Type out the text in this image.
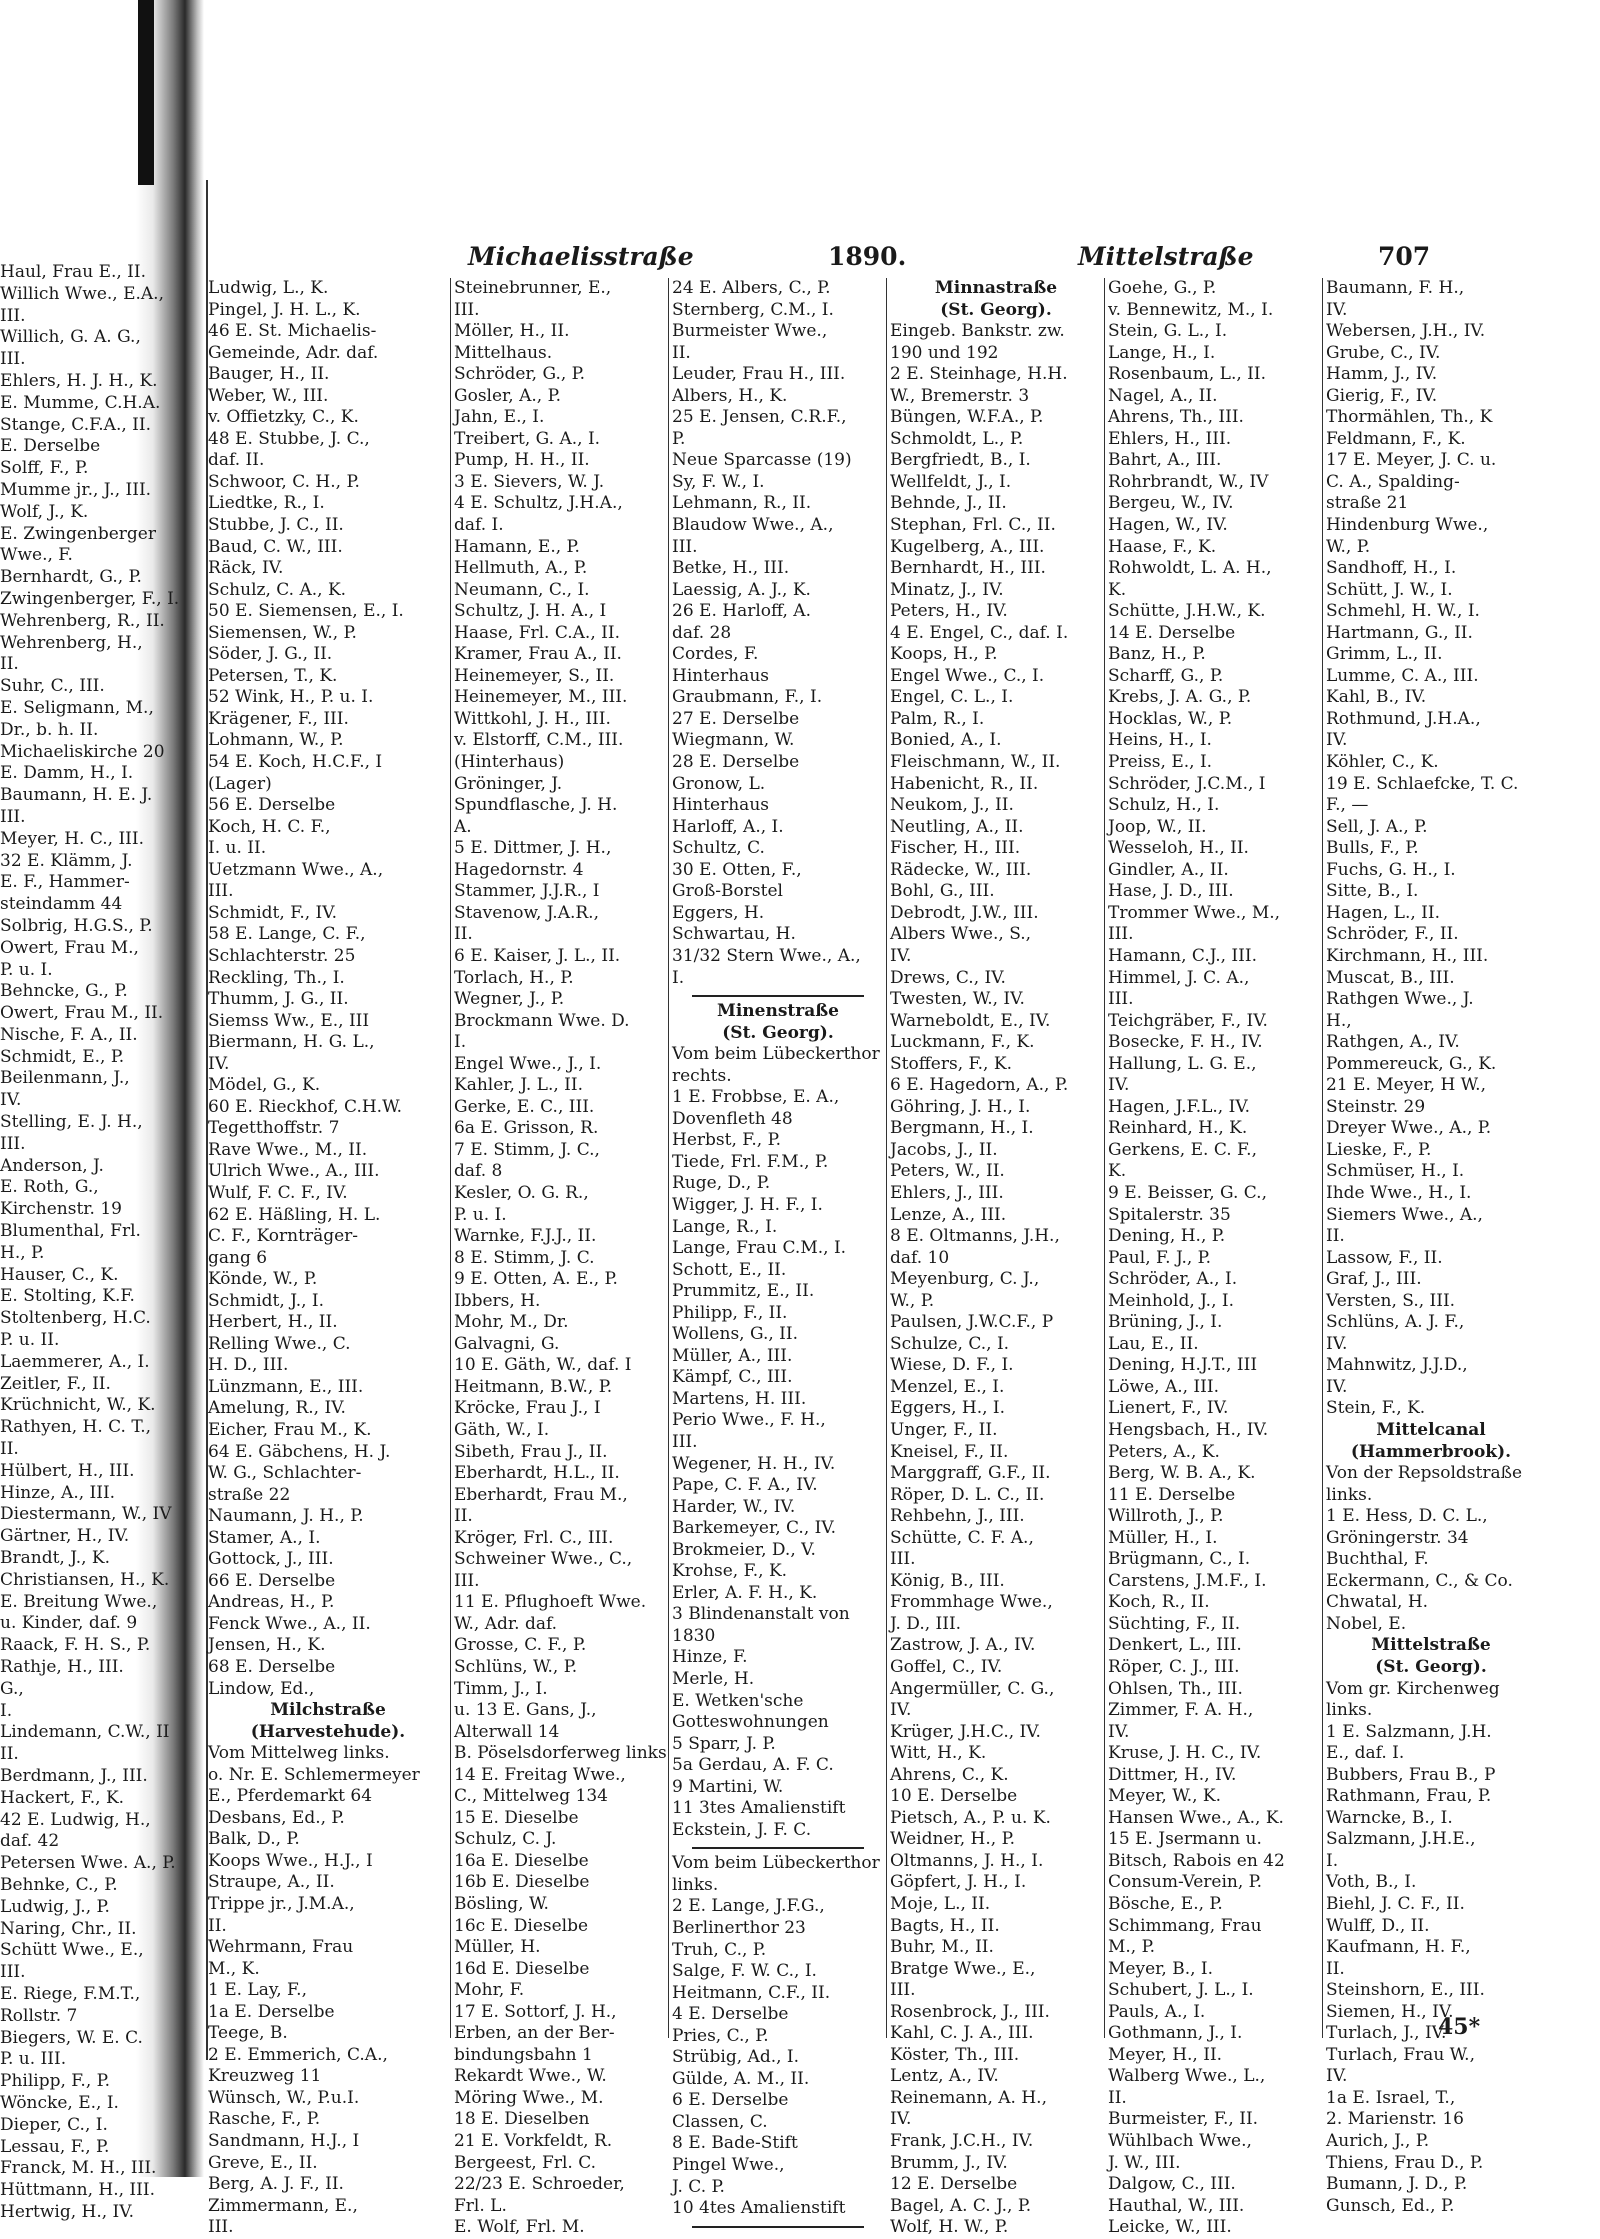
Haul, Frau E., II.
Willich Wwe., E.A.,
III.
Willich, G. A. G.,
III.
Ehlers, H. J. H., K.
E. Mumme, C.H.A.
Stange, C.F.A., II.
E. Derselbe
Solff, F., P.
Mumme jr., J., III.
Wolf, J., K.
E. Zwingenberger
Wwe., F.
Bernhardt, G., P.
Zwingenberger, F., I.
Wehrenberg, R., II.
Wehrenberg, H.,
II.
Suhr, C., III.
E. Seligmann, M.,
Dr., b. h. II.
Michaeliskirche 20
E. Damm, H., I.
Baumann, H. E. J.
III.
Meyer, H. C., III.
32 E. Klämm, J.
E. F., Hammer-
steindamm 44
Solbrig, H.G.S., P.
Owert, Frau M.,
P. u. I.
Behncke, G., P.
Owert, Frau M., II.
Nische, F. A., II.
Schmidt, E., P.
Beilenmann, J.,
IV.
Stelling, E. J. H.,
III.
Anderson, J.
E. Roth, G.,
Kirchenstr. 19
Blumenthal, Frl.
H., P.
Hauser, C., K.
E. Stolting, K.F.
Stoltenberg, H.C.
P. u. II.
Laemmerer, A., I.
Zeitler, F., II.
Krüchnicht, W., K.
Rathyen, H. C. T.,
II.
Hülbert, H., III.
Hinze, A., III.
Diestermann, W., IV
Gärtner, H., IV.
Brandt, J., K.
Christiansen, H., K.
E. Breitung Wwe.,
u. Kinder, daf. 9
Raack, F. H. S., P.
Rathje, H., III.
G.,
I.
Lindemann, C.W., II
II.
Berdmann, J., III.
Hackert, F., K.
42 E. Ludwig, H.,
daf. 42
Petersen Wwe. A., P.
Behnke, C., P.
Ludwig, J., P.
Naring, Chr., II.
Schütt Wwe., E.,
III.
E. Riege, F.M.T.,
Rollstr. 7
Biegers, W. E. C.
P. u. III.
Philipp, F., P.
Wöncke, E., I.
Dieper, C., I.
Lessau, F., P.
Franck, M. H., III.
Hüttmann, H., III.
Hertwig, H., IV.
Michaelisstraße	1890.	Mittelstraße	707
Ludwig, L., K.
Pingel, J. H. L., K.
46 E. St. Michaelis-
Gemeinde, Adr. daf.
Bauger, H., II.
Weber, W., III.
v. Offietzky, C., K.
48 E. Stubbe, J. C.,
daf. II.
Schwoor, C. H., P.
Liedtke, R., I.
Stubbe, J. C., II.
Baud, C. W., III.
Räck, IV.
Schulz, C. A., K.
50 E. Siemensen, E., I.
Siemensen, W., P.
Söder, J. G., II.
Petersen, T., K.
52 Wink, H., P. u. I.
Krägener, F., III.
Lohmann, W., P.
54 E. Koch, H.C.F., I
(Lager)
56 E. Derselbe
Koch, H. C. F.,
I. u. II.
Uetzmann Wwe., A.,
III.
Schmidt, F., IV.
58 E. Lange, C. F.,
Schlachterstr. 25
Reckling, Th., I.
Thumm, J. G., II.
Siemss Ww., E., III
Biermann, H. G. L.,
IV.
Mödel, G., K.
60 E. Rieckhof, C.H.W.
Tegetthoffstr. 7
Rave Wwe., M., II.
Ulrich Wwe., A., III.
Wulf, F. C. F., IV.
62 E. Häßling, H. L.
C. F., Kornträger-
gang 6
Könde, W., P.
Schmidt, J., I.
Herbert, H., II.
Relling Wwe., C.
H. D., III.
Lünzmann, E., III.
Amelung, R., IV.
Eicher, Frau M., K.
64 E. Gäbchens, H. J.
W. G., Schlachter-
straße 22
Naumann, J. H., P.
Stamer, A., I.
Gottock, J., III.
66 E. Derselbe
Andreas, H., P.
Fenck Wwe., A., II.
Jensen, H., K.
68 E. Derselbe
Lindow, Ed.,
Milchstraße
(Harvestehude).
Vom Mittelweg links.
o. Nr. E. Schlemermeyer
E., Pferdemarkt 64
Desbans, Ed., P.
Balk, D., P.
Koops Wwe., H.J., I
Straupe, A., II.
Trippe jr., J.M.A.,
II.
Wehrmann, Frau
M., K.
1 E. Lay, F.,
1a E. Derselbe
Teege, B.
2 E. Emmerich, C.A.,
Kreuzweg 11
Wünsch, W., P.u.I.
Rasche, F., P.
Sandmann, H.J., I
Greve, E., II.
Berg, A. J. F., II.
Zimmermann, E.,
III.
Steinebrunner, E.,
III.
Möller, H., II.
Mittelhaus.
Schröder, G., P.
Gosler, A., P.
Jahn, E., I.
Treibert, G. A., I.
Pump, H. H., II.
3 E. Sievers, W. J.
4 E. Schultz, J.H.A.,
daf. I.
Hamann, E., P.
Hellmuth, A., P.
Neumann, C., I.
Schultz, J. H. A., I
Haase, Frl. C.A., II.
Kramer, Frau A., II.
Heinemeyer, S., II.
Heinemeyer, M., III.
Wittkohl, J. H., III.
v. Elstorff, C.M., III.
(Hinterhaus)
Gröninger, J.
Spundflasche, J. H.
A.
5 E. Dittmer, J. H.,
Hagedornstr. 4
Stammer, J.J.R., I
Stavenow, J.A.R.,
II.
6 E. Kaiser, J. L., II.
Torlach, H., P.
Wegner, J., P.
Brockmann Wwe. D.
I.
Engel Wwe., J., I.
Kahler, J. L., II.
Gerke, E. C., III.
6a E. Grisson, R.
7 E. Stimm, J. C.,
daf. 8
Kesler, O. G. R.,
P. u. I.
Warnke, F.J.J., II.
8 E. Stimm, J. C.
9 E. Otten, A. E., P.
Ibbers, H.
Mohr, M., Dr.
Galvagni, G.
10 E. Gäth, W., daf. I
Heitmann, B.W., P.
Kröcke, Frau J., I
Gäth, W., I.
Sibeth, Frau J., II.
Eberhardt, H.L., II.
Eberhardt, Frau M.,
II.
Kröger, Frl. C., III.
Schweiner Wwe., C.,
III.
11 E. Pflughoeft Wwe.
W., Adr. daf.
Grosse, C. F., P.
Schlüns, W., P.
Timm, J., I.
u. 13 E. Gans, J.,
Alterwall 14
B. Pöselsdorferweg links
14 E. Freitag Wwe.,
C., Mittelweg 134
15 E. Dieselbe
Schulz, C. J.
16a E. Dieselbe
16b E. Dieselbe
Bösling, W.
16c E. Dieselbe
Müller, H.
16d E. Dieselbe
Mohr, F.
17 E. Sottorf, J. H.,
Erben, an der Ber-
bindungsbahn 1
Rekardt Wwe., W.
Möring Wwe., M.
18 E. Dieselben
21 E. Vorkfeldt, R.
Bergeest, Frl. C.
22/23 E. Schroeder,
Frl. L.
E. Wolf, Frl. M.
24 E. Albers, C., P.
Sternberg, C.M., I.
Burmeister Wwe.,
II.
Leuder, Frau H., III.
Albers, H., K.
25 E. Jensen, C.R.F.,
P.
Neue Sparcasse (19)
Sy, F. W., I.
Lehmann, R., II.
Blaudow Wwe., A.,
III.
Betke, H., III.
Laessig, A. J., K.
26 E. Harloff, A.
daf. 28
Cordes, F.
Hinterhaus
Graubmann, F., I.
27 E. Derselbe
Wiegmann, W.
28 E. Derselbe
Gronow, L.
Hinterhaus
Harloff, A., I.
Schultz, C.
30 E. Otten, F.,
Groß-Borstel
Eggers, H.
Schwartau, H.
31/32 Stern Wwe., A.,
I.
Minenstraße
(St. Georg).
Vom beim Lübeckerthor
rechts.
1 E. Frobbse, E. A.,
Dovenfleth 48
Herbst, F., P.
Tiede, Frl. F.M., P.
Ruge, D., P.
Wigger, J. H. F., I.
Lange, R., I.
Lange, Frau C.M., I.
Schott, E., II.
Prummitz, E., II.
Philipp, F., II.
Wollens, G., II.
Müller, A., III.
Kämpf, C., III.
Martens, H. III.
Perio Wwe., F. H.,
III.
Wegener, H. H., IV.
Pape, C. F. A., IV.
Harder, W., IV.
Barkemeyer, C., IV.
Brokmeier, D., V.
Krohse, F., K.
Erler, A. F. H., K.
3 Blindenanstalt von
1830
Hinze, F.
Merle, H.
E. Wetken'sche
Gotteswohnungen
5 Sparr, J. P.
5a Gerdau, A. F. C.
9 Martini, W.
11 3tes Amalienstift
Eckstein, J. F. C.
Vom beim Lübeckerthor
links.
2 E. Lange, J.F.G.,
Berlinerthor 23
Truh, C., P.
Salge, F. W. C., I.
Heitmann, C.F., II.
4 E. Derselbe
Pries, C., P.
Strübig, Ad., I.
Gülde, A. M., II.
6 E. Derselbe
Classen, C.
8 E. Bade-Stift
Pingel Wwe.,
J. C. P.
10 4tes Amalienstift
Minnastraße
(St. Georg).
Eingeb. Bankstr. zw.
190 und 192
2 E. Steinhage, H.H.
W., Bremerstr. 3
Büngen, W.F.A., P.
Schmoldt, L., P.
Bergfriedt, B., I.
Wellfeldt, J., I.
Behnde, J., II.
Stephan, Frl. C., II.
Kugelberg, A., III.
Bernhardt, H., III.
Minatz, J., IV.
Peters, H., IV.
4 E. Engel, C., daf. I.
Koops, H., P.
Engel Wwe., C., I.
Engel, C. L., I.
Palm, R., I.
Bonied, A., I.
Fleischmann, W., II.
Habenicht, R., II.
Neukom, J., II.
Neutling, A., II.
Fischer, H., III.
Rädecke, W., III.
Bohl, G., III.
Debrodt, J.W., III.
Albers Wwe., S.,
IV.
Drews, C., IV.
Twesten, W., IV.
Warneboldt, E., IV.
Luckmann, F., K.
Stoffers, F., K.
6 E. Hagedorn, A., P.
Göhring, J. H., I.
Bergmann, H., I.
Jacobs, J., II.
Peters, W., II.
Ehlers, J., III.
Lenze, A., III.
8 E. Oltmanns, J.H.,
daf. 10
Meyenburg, C. J.,
W., P.
Paulsen, J.W.C.F., P
Schulze, C., I.
Wiese, D. F., I.
Menzel, E., I.
Eggers, H., I.
Unger, F., II.
Kneisel, F., II.
Marggraff, G.F., II.
Röper, D. L. C., II.
Rehbehn, J., III.
Schütte, C. F. A.,
III.
König, B., III.
Frommhage Wwe.,
J. D., III.
Zastrow, J. A., IV.
Goffel, C., IV.
Angermüller, C. G.,
IV.
Krüger, J.H.C., IV.
Witt, H., K.
Ahrens, C., K.
10 E. Derselbe
Pietsch, A., P. u. K.
Weidner, H., P.
Oltmanns, J. H., I.
Göpfert, J. H., I.
Moje, L., II.
Bagts, H., II.
Buhr, M., II.
Bratge Wwe., E.,
III.
Rosenbrock, J., III.
Kahl, C. J. A., III.
Köster, Th., III.
Lentz, A., IV.
Reinemann, A. H.,
IV.
Frank, J.C.H., IV.
Brumm, J., IV.
12 E. Derselbe
Bagel, A. C. J., P.
Wolf, H. W., P.
Goehe, G., P.
v. Bennewitz, M., I.
Stein, G. L., I.
Lange, H., I.
Rosenbaum, L., II.
Nagel, A., II.
Ahrens, Th., III.
Ehlers, H., III.
Bahrt, A., III.
Rohrbrandt, W., IV
Bergeu, W., IV.
Hagen, W., IV.
Haase, F., K.
Rohwoldt, L. A. H.,
K.
Schütte, J.H.W., K.
14 E. Derselbe
Banz, H., P.
Scharff, G., P.
Krebs, J. A. G., P.
Hocklas, W., P.
Heins, H., I.
Preiss, E., I.
Schröder, J.C.M., I
Schulz, H., I.
Joop, W., II.
Wesseloh, H., II.
Gindler, A., II.
Hase, J. D., III.
Trommer Wwe., M.,
III.
Hamann, C.J., III.
Himmel, J. C. A.,
III.
Teichgräber, F., IV.
Bosecke, F. H., IV.
Hallung, L. G. E.,
IV.
Hagen, J.F.L., IV.
Reinhard, H., K.
Gerkens, E. C. F.,
K.
9 E. Beisser, G. C.,
Spitalerstr. 35
Dening, H., P.
Paul, F. J., P.
Schröder, A., I.
Meinhold, J., I.
Brüning, J., I.
Lau, E., II.
Dening, H.J.T., III
Löwe, A., III.
Lienert, F., IV.
Hengsbach, H., IV.
Peters, A., K.
Berg, W. B. A., K.
11 E. Derselbe
Willroth, J., P.
Müller, H., I.
Brügmann, C., I.
Carstens, J.M.F., I.
Koch, R., II.
Süchting, F., II.
Denkert, L., III.
Röper, C. J., III.
Ohlsen, Th., III.
Zimmer, F. A. H.,
IV.
Kruse, J. H. C., IV.
Dittmer, H., IV.
Meyer, W., K.
Hansen Wwe., A., K.
15 E. Jsermann u.
Bitsch, Rabois en 42
Consum-Verein, P.
Bösche, E., P.
Schimmang, Frau
M., P.
Meyer, B., I.
Schubert, J. L., I.
Pauls, A., I.
Gothmann, J., I.
Meyer, H., II.
Walberg Wwe., L.,
II.
Burmeister, F., II.
Wühlbach Wwe.,
J. W., III.
Dalgow, C., III.
Hauthal, W., III.
Leicke, W., III.
Baumann, F. H.,
IV.
Webersen, J.H., IV.
Grube, C., IV.
Hamm, J., IV.
Gierig, F., IV.
Thormählen, Th., K
Feldmann, F., K.
17 E. Meyer, J. C. u.
C. A., Spalding-
straße 21
Hindenburg Wwe.,
W., P.
Sandhoff, H., I.
Schütt, J. W., I.
Schmehl, H. W., I.
Hartmann, G., II.
Grimm, L., II.
Lumme, C. A., III.
Kahl, B., IV.
Rothmund, J.H.A.,
IV.
Köhler, C., K.
19 E. Schlaefcke, T. C.
F., —
Sell, J. A., P.
Bulls, F., P.
Fuchs, G. H., I.
Sitte, B., I.
Hagen, L., II.
Schröder, F., II.
Kirchmann, H., III.
Muscat, B., III.
Rathgen Wwe., J.
H.,
Rathgen, A., IV.
Pommereuck, G., K.
21 E. Meyer, H W.,
Steinstr. 29
Dreyer Wwe., A., P.
Lieske, F., P.
Schmüser, H., I.
Ihde Wwe., H., I.
Siemers Wwe., A.,
II.
Lassow, F., II.
Graf, J., III.
Versten, S., III.
Schlüns, A. J. F.,
IV.
Mahnwitz, J.J.D.,
IV.
Stein, F., K.
Mittelcanal
(Hammerbrook).
Von der Repsoldstraße
links.
1 E. Hess, D. C. L.,
Gröningerstr. 34
Buchthal, F.
Eckermann, C., & Co.
Chwatal, H.
Nobel, E.
Mittelstraße
(St. Georg).
Vom gr. Kirchenweg
links.
1 E. Salzmann, J.H.
E., daf. I.
Bubbers, Frau B., P
Rathmann, Frau, P.
Warncke, B., I.
Salzmann, J.H.E.,
I.
Voth, B., I.
Biehl, J. C. F., II.
Wulff, D., II.
Kaufmann, H. F.,
II.
Steinshorn, E., III.
Siemen, H., IV.
Turlach, J., IV.
Turlach, Frau W.,
IV.
1a E. Israel, T.,
2. Marienstr. 16
Aurich, J., P.
Thiens, Frau D., P.
Bumann, J. D., P.
Gunsch, Ed., P.
45*
